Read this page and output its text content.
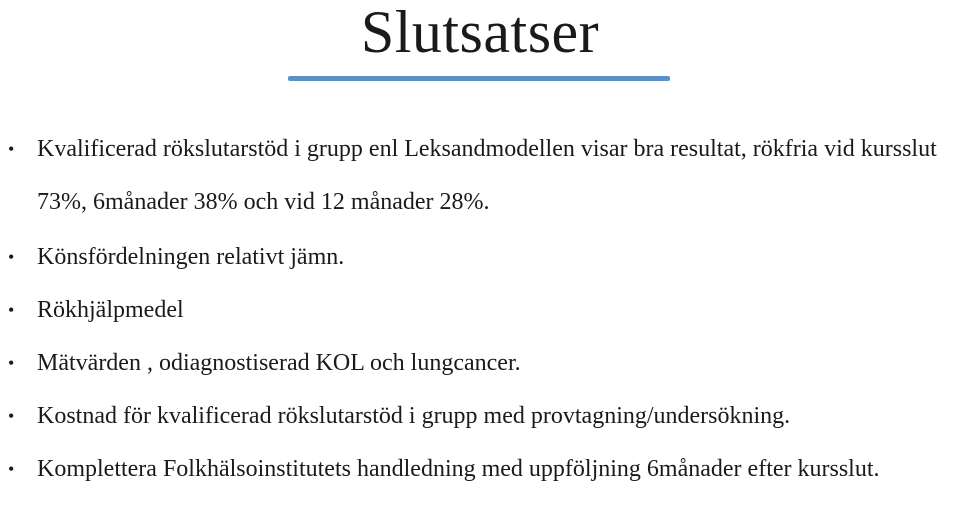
Slutsatser
• Kvalificerad rökslutarstöd i grupp enl Leksandmodellen visar bra resultat, rökfria vid kursslut 73%, 6månader 38% och vid 12 månader 28%.
• Könsfördelningen relativt jämn.
• Rökhjälpmedel
• Mätvärden , odiagnostiserad KOL och lungcancer.
• Kostnad för kvalificerad rökslutarstöd i grupp med provtagning/undersökning.
• Komplettera Folkhälsoinstitutets handledning med uppföljning 6månader efter kursslut.
